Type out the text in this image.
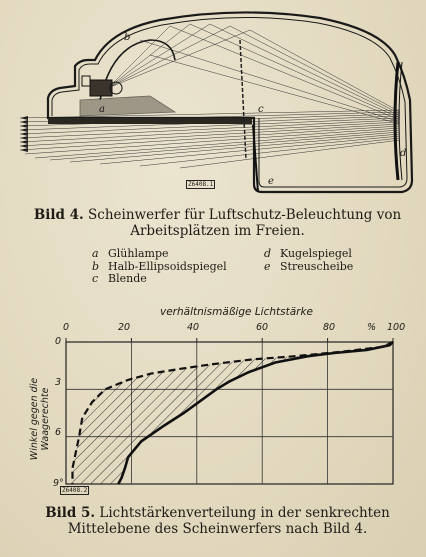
b
a	c
d
e
Z6408.1
Bild 4. Scheinwerfer für Luftschutz-Beleuchtung von Arbeitsplätzen im Freien.
a Glühlampe
b Halb-Ellipsoidspiegel
c Blende
d Kugelspiegel
e Streuscheibe
verhältnismäßige Lichtstärke
Winkel gegen die Waagerechte
0	20	40	60	80	% 100
0
3
6
9°
Z6408.2
Bild 5. Lichtstärkenverteilung in der senkrechten Mittelebene des Scheinwerfers nach Bild 4.
